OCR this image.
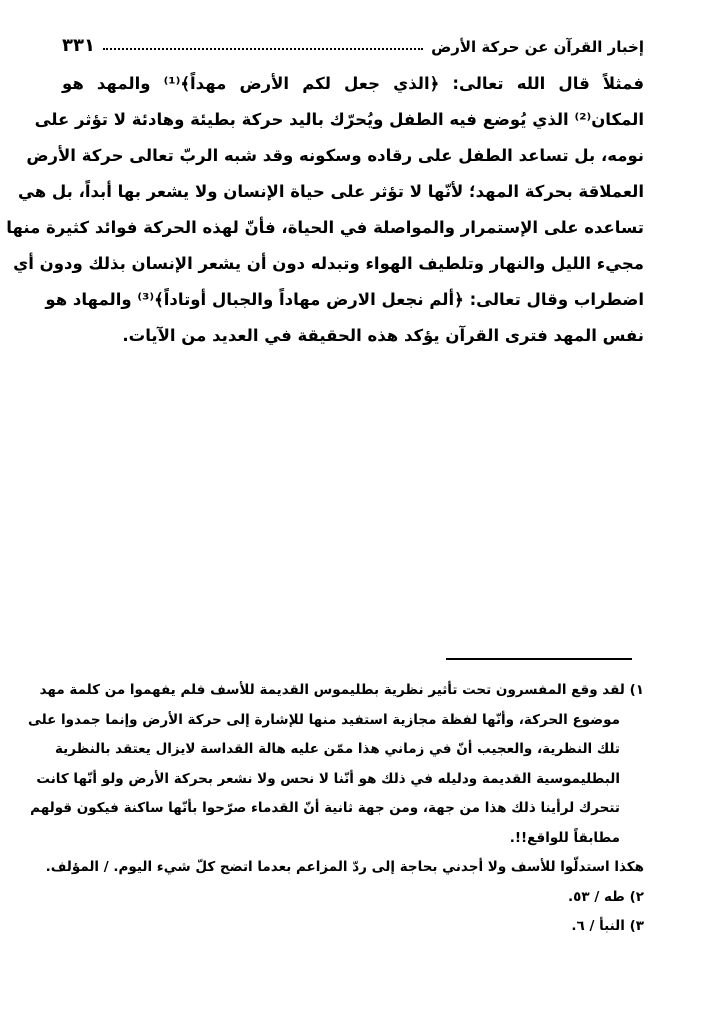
إخبار القرآن عن حركة الأرض
٣٣١
فمثلاً قال الله تعالى: ﴿الذي جعل لكم الأرض مهداً﴾⁽¹⁾ والمهد هو
المكان⁽²⁾ الذي يُوضع فيه الطفل ويُحرّك باليد حركة بطيئة وهادئة لا تؤثر على
نومه، بل تساعد الطفل على رقاده وسكونه وقد شبه الربّ تعالى حركة الأرض
العملاقة بحركة المهد؛ لأنّها لا تؤثر على حياة الإنسان ولا يشعر بها أبداً، بل هي
تساعده على الإستمرار والمواصلة في الحياة، فأنّ لهذه الحركة فوائد كثيرة منها
مجيء الليل والنهار وتلطيف الهواء وتبدله دون أن يشعر الإنسان بذلك ودون أي
اضطراب وقال تعالى: ﴿ألم نجعل الارض مهاداً والجبال أوتاداً﴾⁽³⁾ والمهاد هو
نفس المهد فترى القرآن يؤكد هذه الحقيقة في العديد من الآيات.
١) لقد وقع المفسرون تحت تأثير نظرية بطليموس القديمة للأسف فلم يفهموا من كلمة مهد
موضوع الحركة، وأنّها لفظة مجازية استفيد منها للإشارة إلى حركة الأرض وإنما جمدوا على
تلك النظرية، والعجيب أنّ في زماني هذا ممّن عليه هالة القداسة لايزال يعتقد بالنظرية
البطليموسية القديمة ودليله في ذلك هو أنّنا لا نحس ولا نشعر بحركة الأرض ولو أنّها كانت
تتحرك لرأينا ذلك هذا من جهة، ومن جهة ثانية أنّ القدماء صرّحوا بأنّها ساكنة فيكون قولهم
مطابقاً للواقع!!.
هكذا استدلّوا للأسف ولا أجدني بحاجة إلى ردّ المزاعم بعدما اتضح كلّ شيء اليوم. / المؤلف.
٢) طه / ٥٣.
٣) النبأ / ٦.
